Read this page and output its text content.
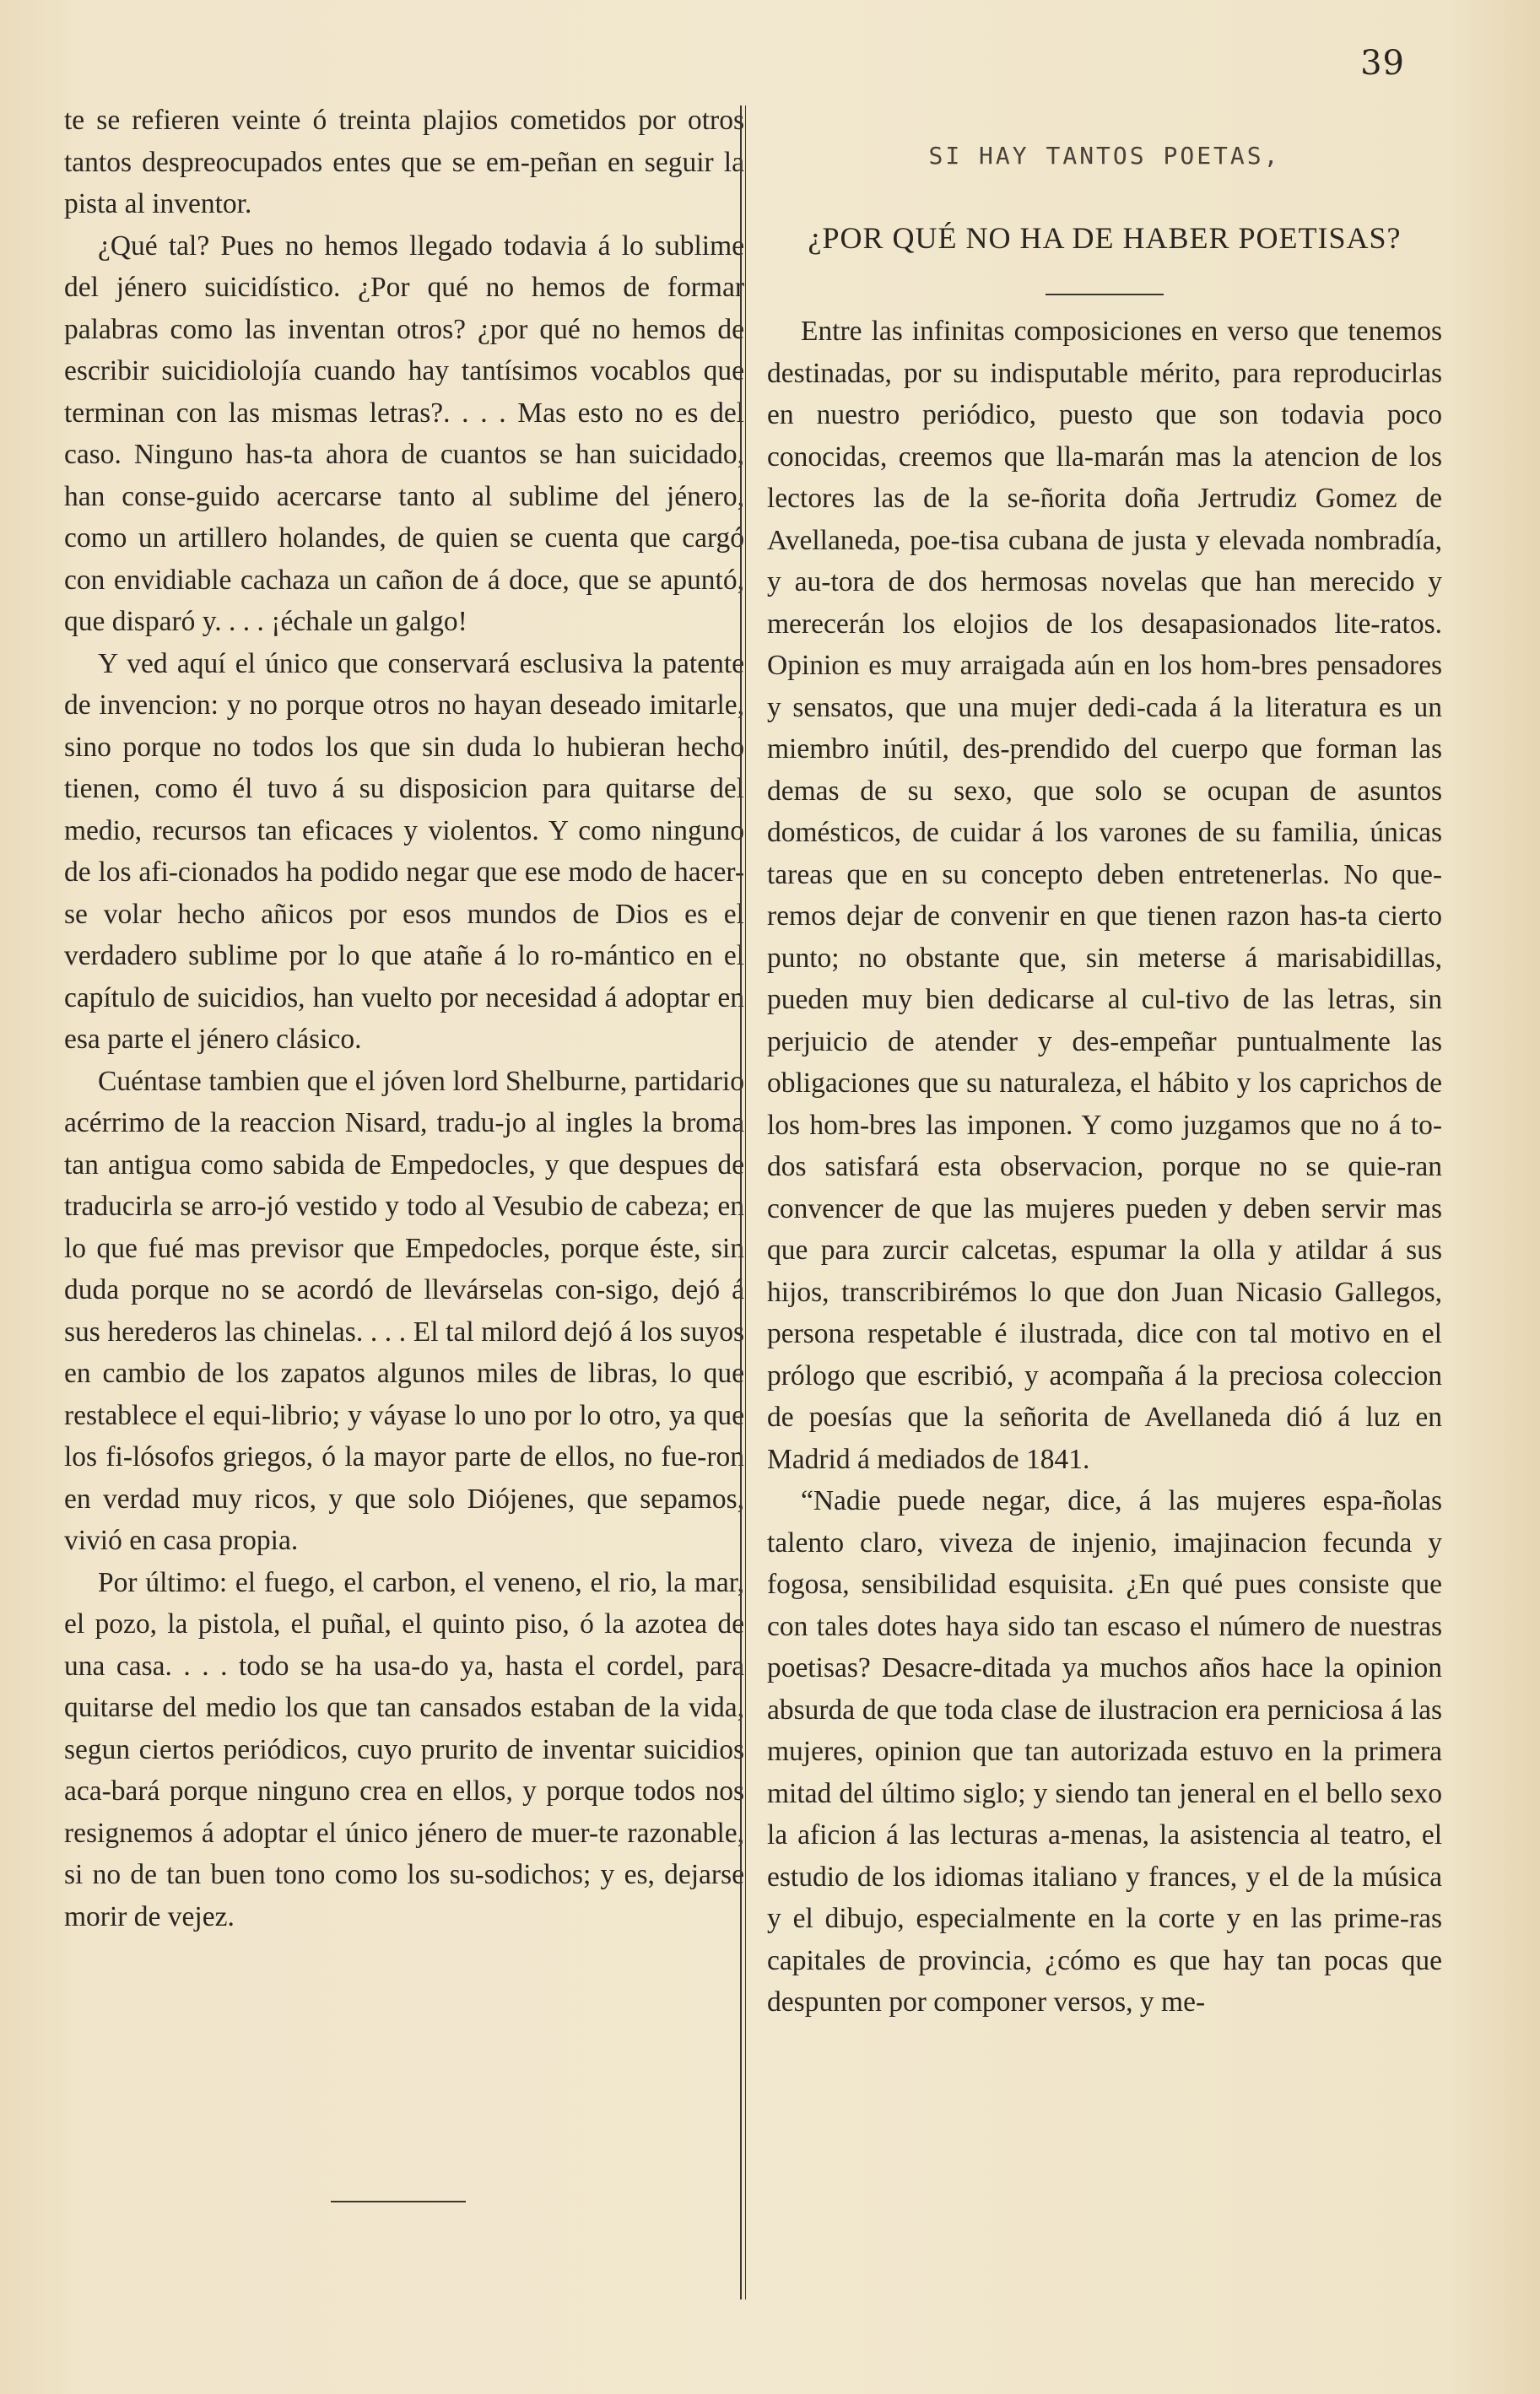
39

te se refieren veinte ó treinta plajios cometidos por otros tantos despreocupados entes que se em-peñan en seguir la pista al inventor.

¿Qué tal? Pues no hemos llegado todavia á lo sublime del jénero suicidístico. ¿Por qué no hemos de formar palabras como las inventan otros? ¿por qué no hemos de escribir suicidiolojía cuando hay tantísimos vocablos que terminan con las mismas letras?. . . . Mas esto no es del caso. Ninguno has-ta ahora de cuantos se han suicidado, han conse-guido acercarse tanto al sublime del jénero, como un artillero holandes, de quien se cuenta que cargó con envidiable cachaza un cañon de á doce, que se apuntó, que disparó y. . . . ¡échale un galgo!

Y ved aquí el único que conservará esclusiva la patente de invencion: y no porque otros no hayan deseado imitarle, sino porque no todos los que sin duda lo hubieran hecho tienen, como él tuvo á su disposicion para quitarse del medio, recursos tan eficaces y violentos. Y como ninguno de los afi-cionados ha podido negar que ese modo de hacer-se volar hecho añicos por esos mundos de Dios es el verdadero sublime por lo que atañe á lo ro-mántico en el capítulo de suicidios, han vuelto por necesidad á adoptar en esa parte el jénero clásico.

Cuéntase tambien que el jóven lord Shelburne, partidario acérrimo de la reaccion Nisard, tradu-jo al ingles la broma tan antigua como sabida de Empedocles, y que despues de traducirla se arro-jó vestido y todo al Vesubio de cabeza; en lo que fué mas previsor que Empedocles, porque éste, sin duda porque no se acordó de llevárselas con-sigo, dejó á sus herederos las chinelas. . . . El tal milord dejó á los suyos en cambio de los zapatos algunos miles de libras, lo que restablece el equi-librio; y váyase lo uno por lo otro, ya que los fi-lósofos griegos, ó la mayor parte de ellos, no fue-ron en verdad muy ricos, y que solo Diójenes, que sepamos, vivió en casa propia.

Por último: el fuego, el carbon, el veneno, el rio, la mar, el pozo, la pistola, el puñal, el quinto piso, ó la azotea de una casa. . . . todo se ha usa-do ya, hasta el cordel, para quitarse del medio los que tan cansados estaban de la vida, segun ciertos periódicos, cuyo prurito de inventar suicidios aca-bará porque ninguno crea en ellos, y porque todos nos resignemos á adoptar el único jénero de muer-te razonable, si no de tan buen tono como los su-sodichos; y es, dejarse morir de vejez.

SI HAY TANTOS POETAS,

¿POR QUÉ NO HA DE HABER POETISAS?

Entre las infinitas composiciones en verso que tenemos destinadas, por su indisputable mérito, para reproducirlas en nuestro periódico, puesto que son todavia poco conocidas, creemos que lla-marán mas la atencion de los lectores las de la se-ñorita doña Jertrudiz Gomez de Avellaneda, poe-tisa cubana de justa y elevada nombradía, y au-tora de dos hermosas novelas que han merecido y merecerán los elojios de los desapasionados lite-ratos. Opinion es muy arraigada aún en los hom-bres pensadores y sensatos, que una mujer dedi-cada á la literatura es un miembro inútil, des-prendido del cuerpo que forman las demas de su sexo, que solo se ocupan de asuntos domésticos, de cuidar á los varones de su familia, únicas tareas que en su concepto deben entretenerlas. No que-remos dejar de convenir en que tienen razon has-ta cierto punto; no obstante que, sin meterse á marisabidillas, pueden muy bien dedicarse al cul-tivo de las letras, sin perjuicio de atender y des-empeñar puntualmente las obligaciones que su naturaleza, el hábito y los caprichos de los hom-bres las imponen. Y como juzgamos que no á to-dos satisfará esta observacion, porque no se quie-ran convencer de que las mujeres pueden y deben servir mas que para zurcir calcetas, espumar la olla y atildar á sus hijos, transcribirémos lo que don Juan Nicasio Gallegos, persona respetable é ilustrada, dice con tal motivo en el prólogo que escribió, y acompaña á la preciosa coleccion de poesías que la señorita de Avellaneda dió á luz en Madrid á mediados de 1841.

“Nadie puede negar, dice, á las mujeres espa-ñolas talento claro, viveza de injenio, imajinacion fecunda y fogosa, sensibilidad esquisita. ¿En qué pues consiste que con tales dotes haya sido tan escaso el número de nuestras poetisas? Desacre-ditada ya muchos años hace la opinion absurda de que toda clase de ilustracion era perniciosa á las mujeres, opinion que tan autorizada estuvo en la primera mitad del último siglo; y siendo tan jeneral en el bello sexo la aficion á las lecturas a-menas, la asistencia al teatro, el estudio de los idiomas italiano y frances, y el de la música y el dibujo, especialmente en la corte y en las prime-ras capitales de provincia, ¿cómo es que hay tan pocas que despunten por componer versos, y me-
